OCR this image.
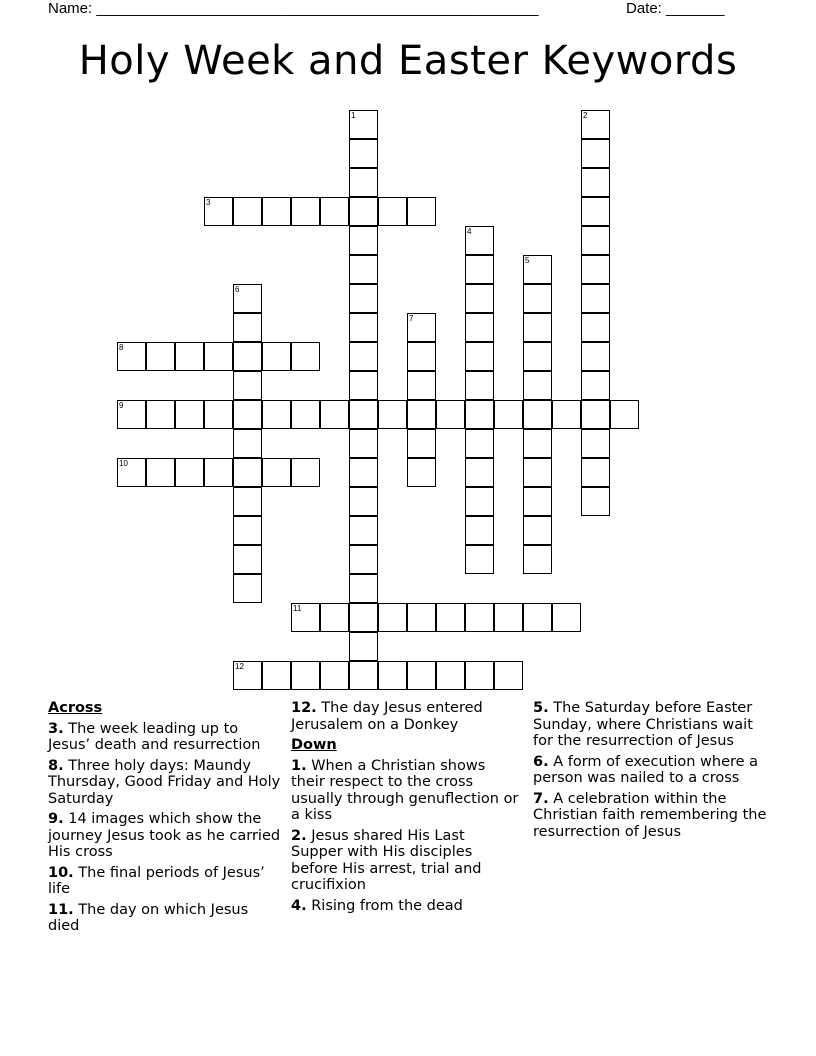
Name: _____________________________________________________	Date: _______
Holy Week and Easter Keywords
1	2
3
4
5
6
7
8
9
10
11
12
Across
3. The week leading up to Jesus’ death and resurrection
8. Three holy days: Maundy Thursday, Good Friday and Holy Saturday
9. 14 images which show the journey Jesus took as he carried His cross
10. The final periods of Jesus’ life
11. The day on which Jesus died
12. The day Jesus entered Jerusalem on a Donkey
Down
1. When a Christian shows their respect to the cross usually through genuflection or a kiss
2. Jesus shared His Last Supper with His disciples before His arrest, trial and crucifixion
4. Rising from the dead
5. The Saturday before Easter Sunday, where Christians wait for the resurrection of Jesus
6. A form of execution where a person was nailed to a cross
7. A celebration within the Christian faith remembering the resurrection of Jesus
